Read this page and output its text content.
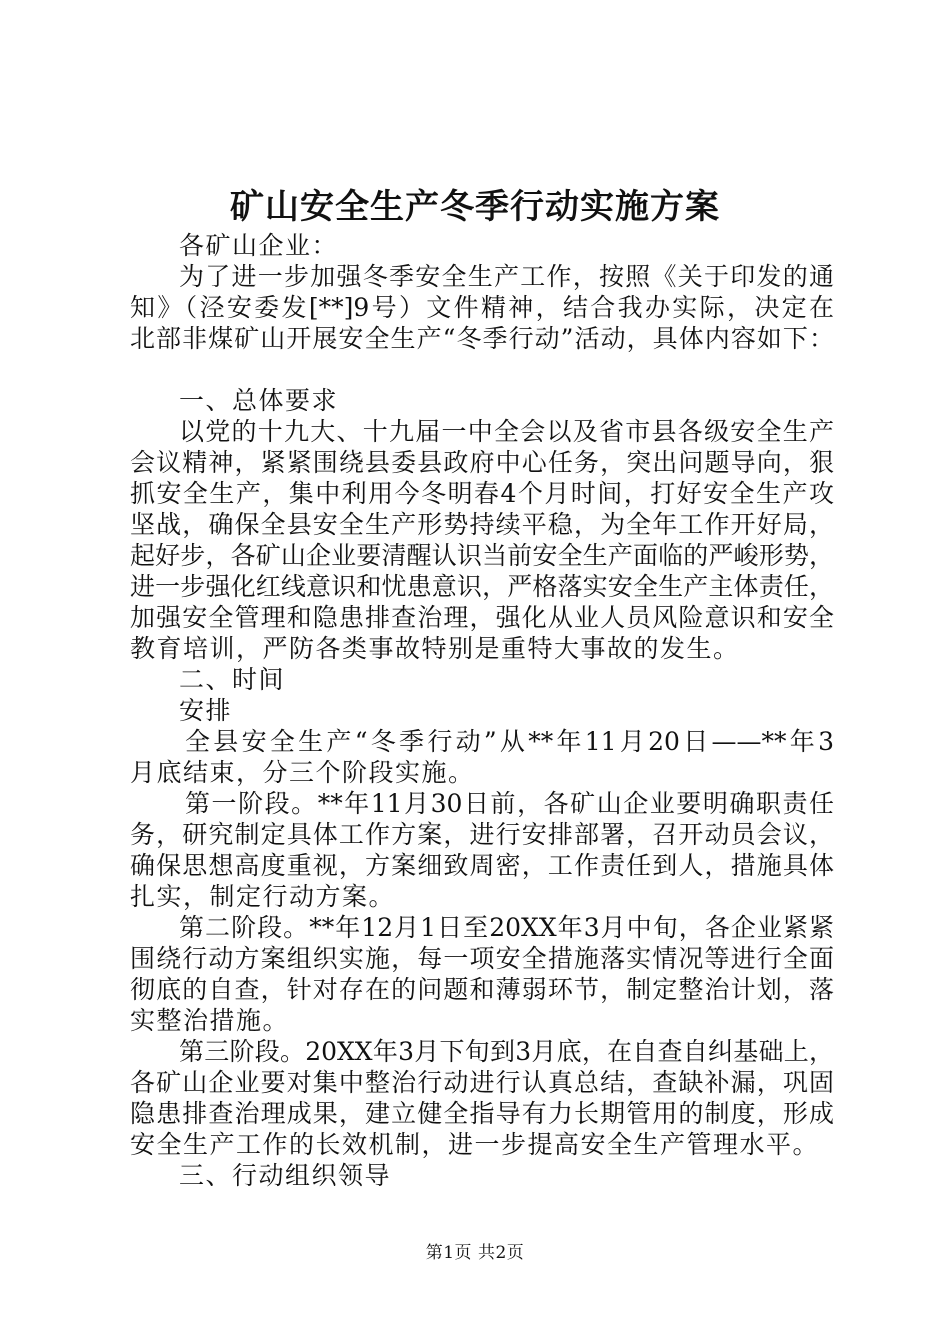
矿山安全生产冬季行动实施方案
各矿山企业：
为了进一步加强冬季安全生产工作，按照《关于印发的通
知》（泾安委发[**]9号）文件精神，结合我办实际，决定在
北部非煤矿山开展安全生产“冬季行动”活动，具体内容如下：
一、总体要求
以党的十九大、十九届一中全会以及省市县各级安全生产
会议精神，紧紧围绕县委县政府中心任务，突出问题导向，狠
抓安全生产，集中利用今冬明春4个月时间，打好安全生产攻
坚战，确保全县安全生产形势持续平稳，为全年工作开好局，
起好步，各矿山企业要清醒认识当前安全生产面临的严峻形势，
进一步强化红线意识和忧患意识，严格落实安全生产主体责任，
加强安全管理和隐患排查治理，强化从业人员风险意识和安全
教育培训，严防各类事故特别是重特大事故的发生。
二、时间
安排
全县安全生产“冬季行动”从**年11月20日——**年3
月底结束，分三个阶段实施。
第一阶段。**年11月30日前，各矿山企业要明确职责任
务，研究制定具体工作方案，进行安排部署，召开动员会议，
确保思想高度重视，方案细致周密，工作责任到人，措施具体
扎实，制定行动方案。
第二阶段。**年12月1日至20XX年3月中旬，各企业紧紧
围绕行动方案组织实施，每一项安全措施落实情况等进行全面
彻底的自查，针对存在的问题和薄弱环节，制定整治计划，落
实整治措施。
第三阶段。20XX年3月下旬到3月底，在自查自纠基础上，
各矿山企业要对集中整治行动进行认真总结，查缺补漏，巩固
隐患排查治理成果，建立健全指导有力长期管用的制度，形成
安全生产工作的长效机制，进一步提高安全生产管理水平。
三、行动组织领导
第1页 共2页
